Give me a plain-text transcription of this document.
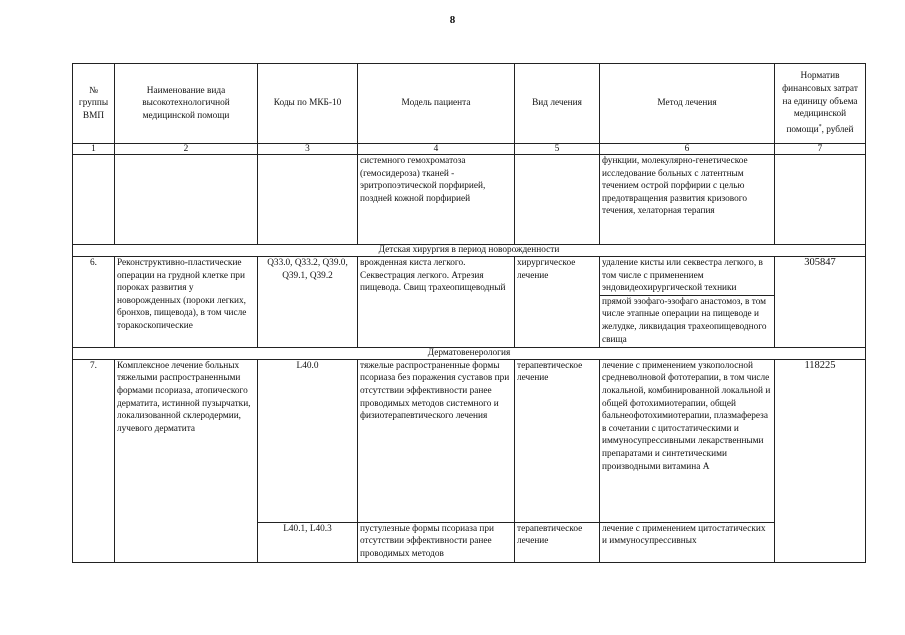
8
№ группы ВМП	Наименование вида высокотехнологичной медицинской помощи	Коды по МКБ-10	Модель пациента	Вид лечения	Метод лечения	Норматив финансовых затрат на единицу объема медицинской помощи*, рублей
1	2	3	4	5	6	7
			системного гемохроматоза (гемосидероза) тканей - эритропоэтической порфирией, поздней кожной порфирией		функции, молекулярно-генетическое исследование больных с латентным течением острой порфирии с целью предотвращения развития кризового течения, хелаторная терапия	
Детская хирургия в период новорожденности						
6.	Реконструктивно-пластические операции на грудной клетке при пороках развития у новорожденных (пороки легких, бронхов, пищевода), в том числе торакоскопические	Q33.0, Q33.2, Q39.0, Q39.1, Q39.2	врожденная киста легкого. Секвестрация легкого. Атрезия пищевода. Свищ трахеопищеводный	хирургическое лечение	удаление кисты или секвестра легкого, в том числе с применением эндовидеохирургической техники	305847
					прямой эзофаго-эзофаго анастомоз, в том числе этапные операции на пищеводе и желудке, ликвидация трахеопищеводного свища	
Дерматовенерология						
7.	Комплексное лечение больных тяжелыми распространенными формами псориаза, атопического дерматита, истинной пузырчатки, локализованной склеродермии, лучевого дерматита	L40.0	тяжелые распространенные формы псориаза без поражения суставов при отсутствии эффективности ранее проводимых методов системного и физиотерапевтического лечения	терапевтическое лечение	лечение с применением узкополосной средневолновой фототерапии, в том числе локальной, комбинированной локальной и общей фотохимиотерапии, общей бальнеофотохимиотерапии, плазмафереза в сочетании с цитостатическими и иммуносупрессивными лекарственными препаратами и синтетическими производными витамина А	118225
		L40.1, L40.3	пустулезные формы псориаза при отсутствии эффективности ранее проводимых методов	терапевтическое лечение	лечение с применением цитостатических и иммуносупрессивных	
